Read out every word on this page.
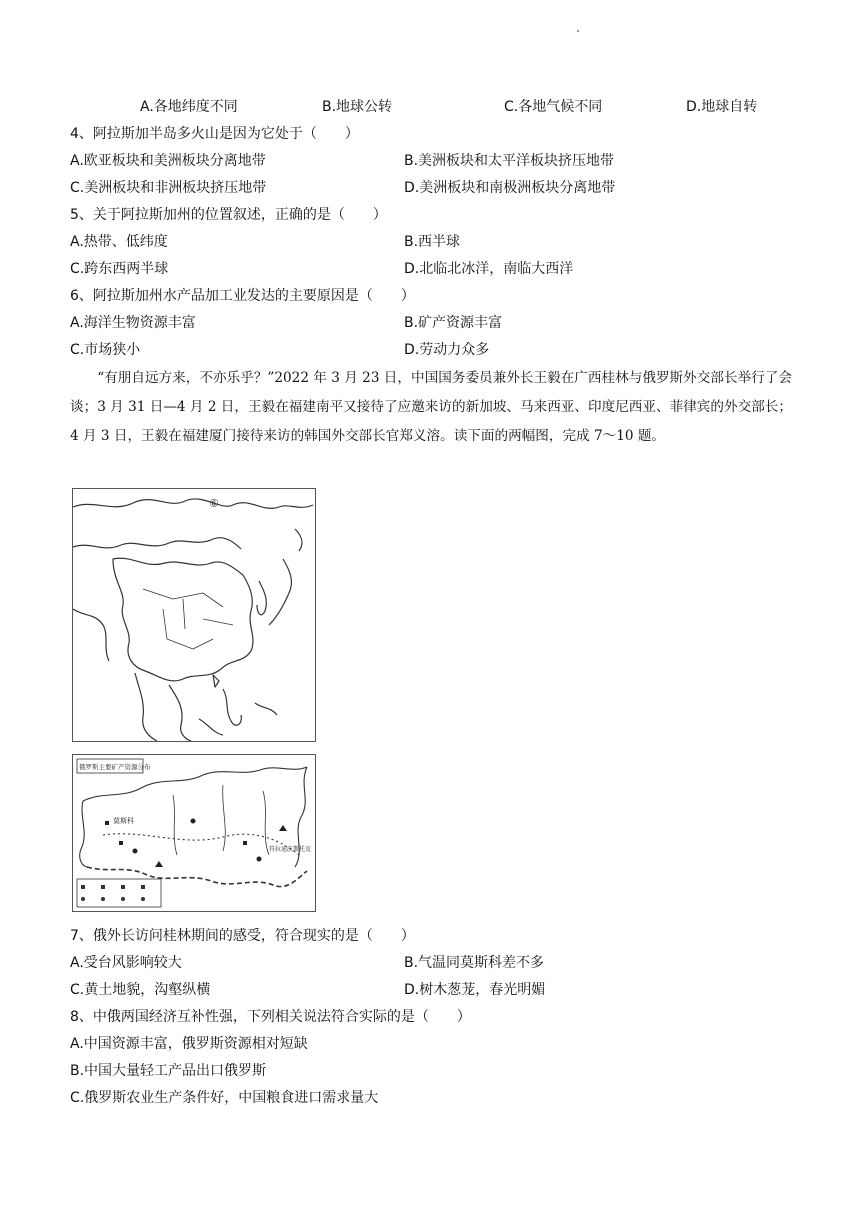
A.各地纬度不同	B.地球公转	C.各地气候不同	D.地球自转
4、阿拉斯加半岛多火山是因为它处于（　　）
A.欧亚板块和美洲板块分离地带	B.美洲板块和太平洋板块挤压地带
C.美洲板块和非洲板块挤压地带	D.美洲板块和南极洲板块分离地带
5、关于阿拉斯加州的位置叙述，正确的是（　　）
A.热带、低纬度	B.西半球
C.跨东西两半球	D.北临北冰洋，南临大西洋
6、阿拉斯加州水产品加工业发达的主要原因是（　　）
A.海洋生物资源丰富	B.矿产资源丰富
C.市场狭小	D.劳动力众多
“有朋自远方来，不亦乐乎？”2022 年 3 月 23 日，中国国务委员兼外长王毅在广西桂林与俄罗斯外交部长举行了会谈；3 月 31 日—4 月 2 日，王毅在福建南平又接待了应邀来访的新加坡、马来西亚、印度尼西亚、菲律宾的外交部长；4 月 3 日，王毅在福建厦门接待来访的韩国外交部长官郑义溶。读下面的两幅图，完成 7～10 题。
⑥
俄罗斯主要矿产资源分布
莫斯科
符拉迪沃斯托克
7、俄外长访问桂林期间的感受，符合现实的是（　　）
A.受台风影响较大	B.气温同莫斯科差不多
C.黄土地貌，沟壑纵横	D.树木葱茏，春光明媚
8、中俄两国经济互补性强，下列相关说法符合实际的是（　　）
A.中国资源丰富，俄罗斯资源相对短缺
B.中国大量轻工产品出口俄罗斯
C.俄罗斯农业生产条件好，中国粮食进口需求量大
